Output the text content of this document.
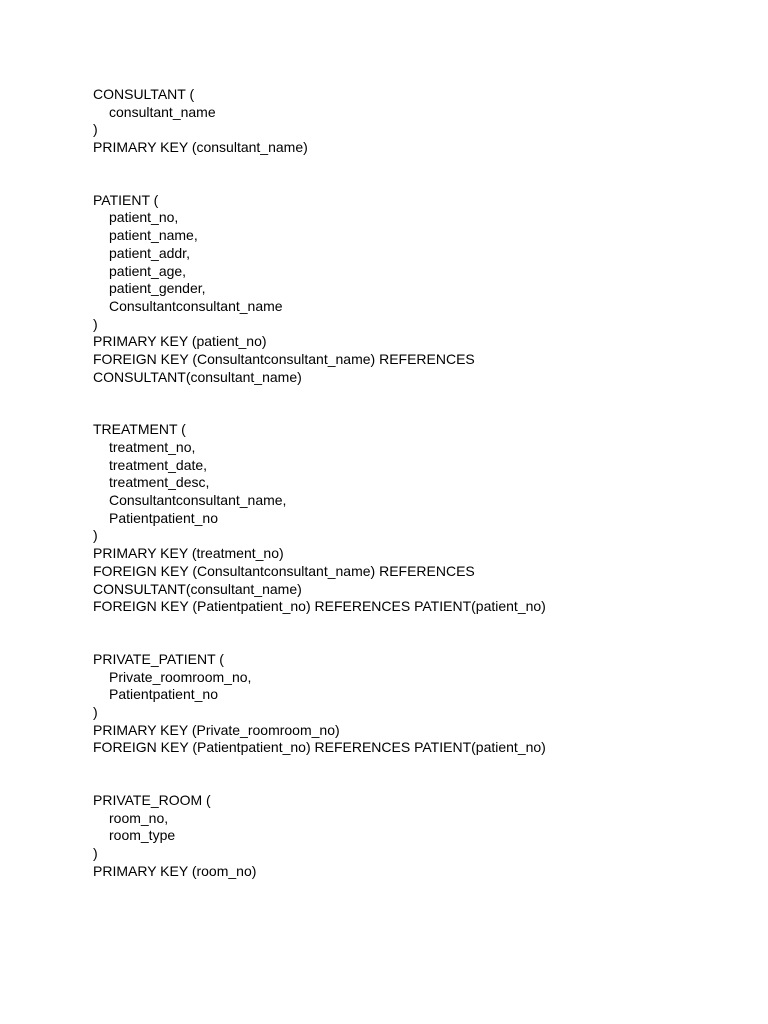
CONSULTANT (
consultant_name
)
PRIMARY KEY (consultant_name)
PATIENT (
patient_no,
patient_name,
patient_addr,
patient_age,
patient_gender,
Consultantconsultant_name
)
PRIMARY KEY (patient_no)
FOREIGN KEY (Consultantconsultant_name) REFERENCES
CONSULTANT(consultant_name)
TREATMENT (
treatment_no,
treatment_date,
treatment_desc,
Consultantconsultant_name,
Patientpatient_no
)
PRIMARY KEY (treatment_no)
FOREIGN KEY (Consultantconsultant_name) REFERENCES
CONSULTANT(consultant_name)
FOREIGN KEY (Patientpatient_no) REFERENCES PATIENT(patient_no)
PRIVATE_PATIENT (
Private_roomroom_no,
Patientpatient_no
)
PRIMARY KEY (Private_roomroom_no)
FOREIGN KEY (Patientpatient_no) REFERENCES PATIENT(patient_no)
PRIVATE_ROOM (
room_no,
room_type
)
PRIMARY KEY (room_no)
